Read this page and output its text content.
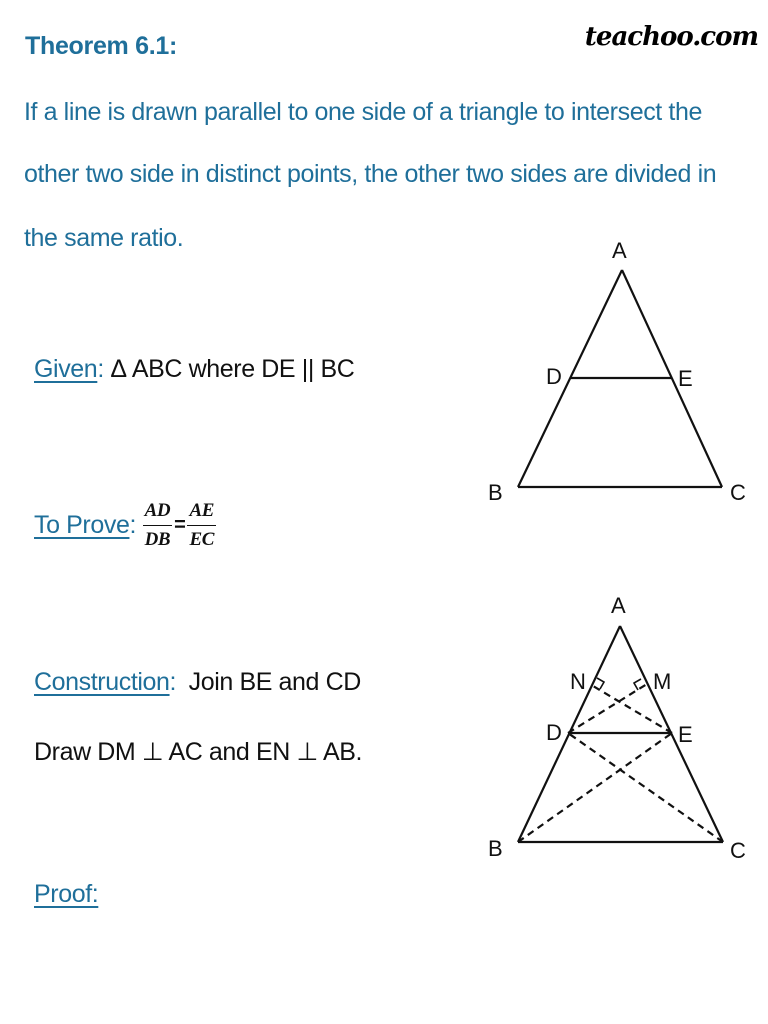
Theorem 6.1:	teachoo.com
If a line is drawn parallel to one side of a triangle to intersect the
other two side in distinct points, the other two sides are divided in
the same ratio.
Given: Δ ABC where DE || BC
To Prove: $\frac{AD}{DB} = \frac{AE}{EC}$
Construction: Join BE and CD
Draw DM ⊥ AC and EN ⊥ AB.
Proof:
A
B	C
D	E
A
B	C
D	E
N	M
